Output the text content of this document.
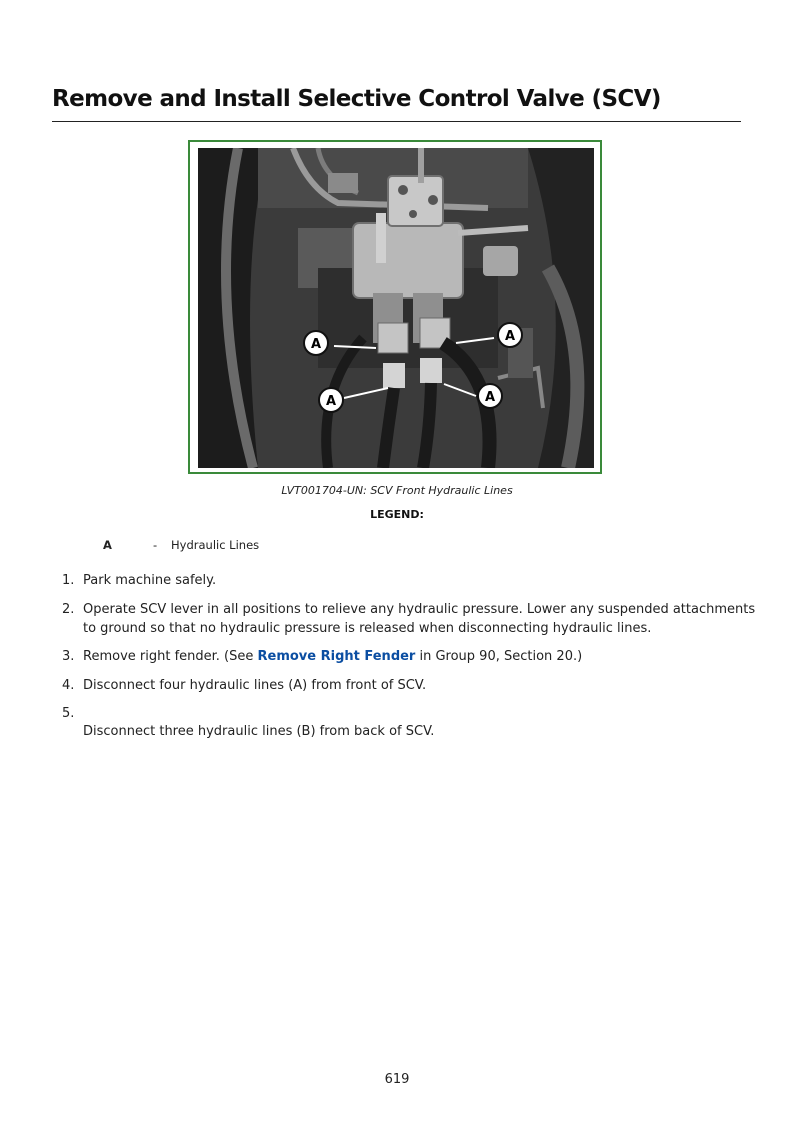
Remove and Install Selective Control Valve (SCV)
A
A
A	A
LVT001704-UN: SCV Front Hydraulic Lines
LEGEND:
A	- Hydraulic Lines
1. Park machine safely.
2. Operate SCV lever in all positions to relieve any hydraulic pressure. Lower any suspended attachments
to ground so that no hydraulic pressure is released when disconnecting hydraulic lines.
3. Remove right fender. (See Remove Right Fender in Group 90, Section 20.)
4. Disconnect four hydraulic lines (A) from front of SCV.
5.
Disconnect three hydraulic lines (B) from back of SCV.
619
